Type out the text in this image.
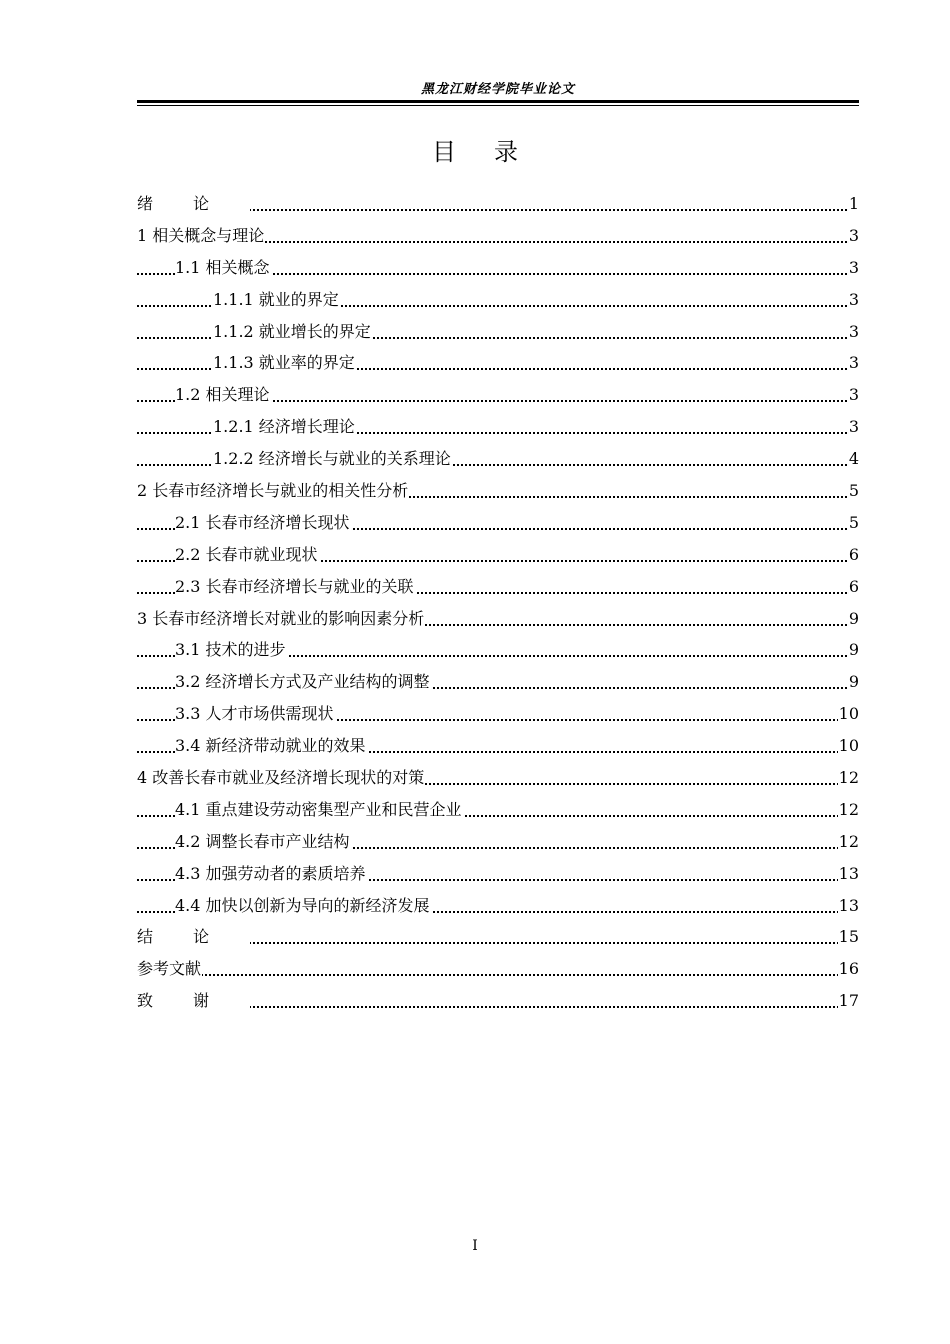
黑龙江财经学院毕业论文
目录
绪论	1
1 相关概念与理论	3
1.1 相关概念	3
1.1.1 就业的界定	3
1.1.2 就业增长的界定	3
1.1.3 就业率的界定	3
1.2 相关理论	3
1.2.1 经济增长理论	3
1.2.2 经济增长与就业的关系理论	4
2 长春市经济增长与就业的相关性分析	5
2.1 长春市经济增长现状	5
2.2 长春市就业现状	6
2.3 长春市经济增长与就业的关联	6
3 长春市经济增长对就业的影响因素分析	9
3.1 技术的进步	9
3.2 经济增长方式及产业结构的调整	9
3.3 人才市场供需现状	10
3.4 新经济带动就业的效果	10
4 改善长春市就业及经济增长现状的对策	12
4.1 重点建设劳动密集型产业和民营企业	12
4.2 调整长春市产业结构	12
4.3 加强劳动者的素质培养	13
4.4 加快以创新为导向的新经济发展	13
结论	15
参考文献	16
致谢	17
I
